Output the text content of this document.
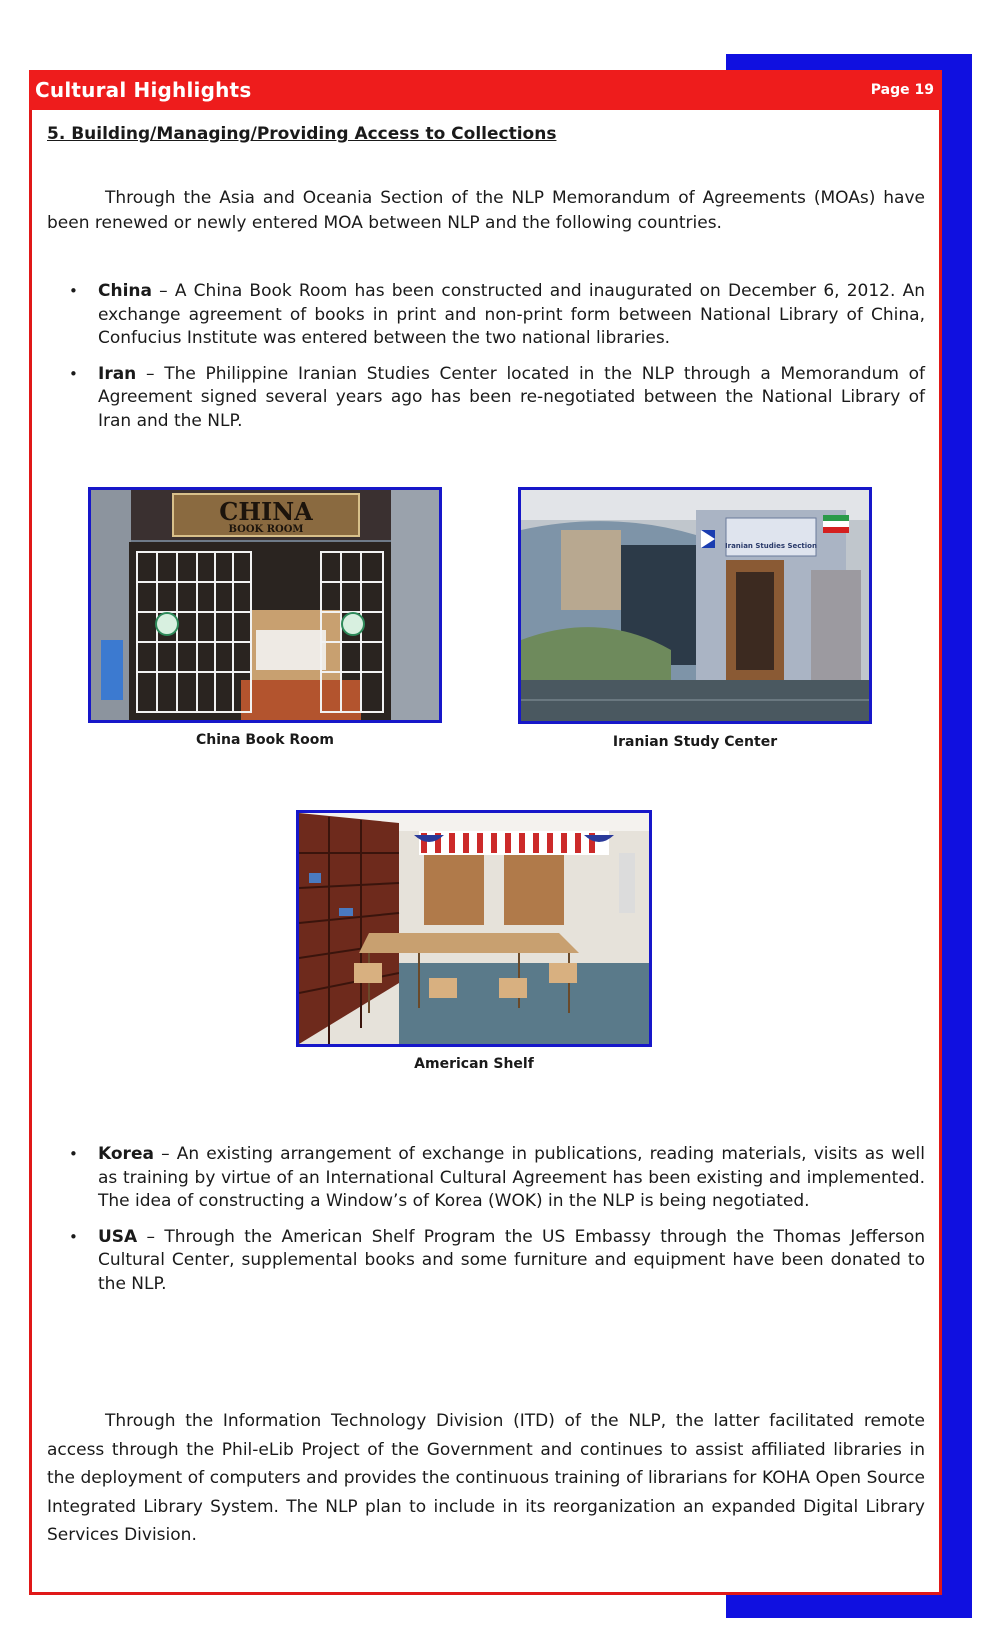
Cultural Highlights	Page 19
5. Building/Managing/Providing Access to Collections
Through the Asia and Oceania Section of the NLP Memorandum of Agreements (MOAs) have been renewed or newly entered MOA between NLP and the following countries.
• China – A China Book Room has been constructed and inaugurated on December 6, 2012. An exchange agreement of books in print and non-print form between National Library of China, Confucius Institute was entered between the two national libraries.
• Iran – The Philippine Iranian Studies Center located in the NLP through a Memorandum of Agreement signed several years ago has been re-negotiated between the National Library of Iran and the NLP.
CHINA
BOOK ROOM
China Book Room
Iranian Studies Section
Iranian Study Center
American Shelf
• Korea – An existing arrangement of exchange in publications, reading materials, visits as well as training by virtue of an International Cultural Agreement has been existing and implemented. The idea of constructing a Window’s of Korea (WOK) in the NLP is being negotiated.
• USA – Through the American Shelf Program the US Embassy through the Thomas Jefferson Cultural Center, supplemental books and some furniture and equipment have been donated to the NLP.
Through the Information Technology Division (ITD) of the NLP, the latter facilitated remote access through the Phil-eLib Project of the Government and continues to assist affiliated libraries in the deployment of computers and provides the continuous training of librarians for KOHA Open Source Integrated Library System. The NLP plan to include in its reorganization an expanded Digital Library Services Division.
